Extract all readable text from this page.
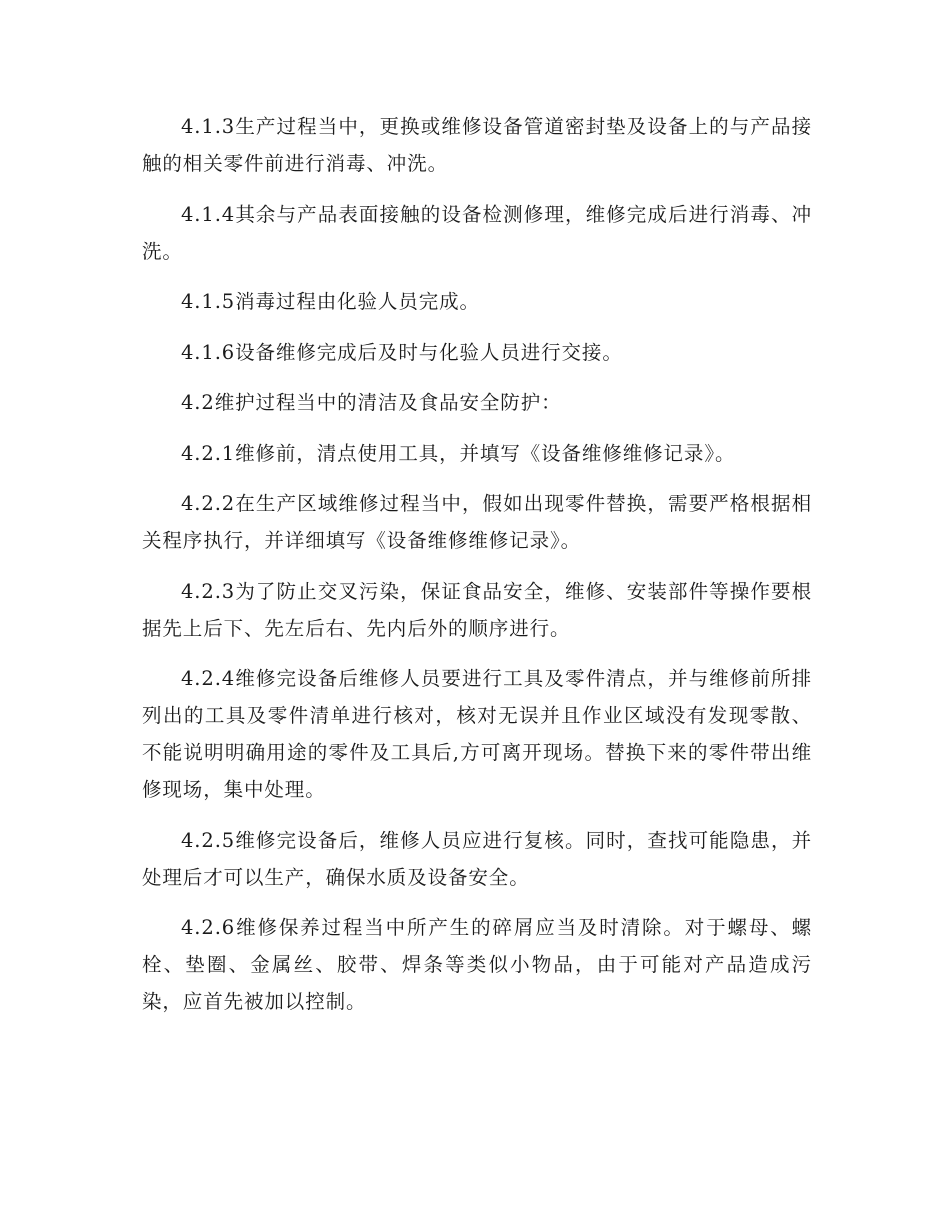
4.1.3生产过程当中，更换或维修设备管道密封垫及设备上的与产品接触的相关零件前进行消毒、冲洗。

4.1.4其余与产品表面接触的设备检测修理，维修完成后进行消毒、冲洗。

4.1.5消毒过程由化验人员完成。

4.1.6设备维修完成后及时与化验人员进行交接。

4.2维护过程当中的清洁及食品安全防护：

4.2.1维修前，清点使用工具，并填写《设备维修维修记录》。

4.2.2在生产区域维修过程当中，假如出现零件替换，需要严格根据相关程序执行，并详细填写《设备维修维修记录》。

4.2.3为了防止交叉污染，保证食品安全，维修、安装部件等操作要根据先上后下、先左后右、先内后外的顺序进行。

4.2.4维修完设备后维修人员要进行工具及零件清点，并与维修前所排列出的工具及零件清单进行核对，核对无误并且作业区域没有发现零散、不能说明明确用途的零件及工具后,方可离开现场。替换下来的零件带出维修现场，集中处理。

4.2.5维修完设备后，维修人员应进行复核。同时，查找可能隐患，并处理后才可以生产，确保水质及设备安全。

4.2.6维修保养过程当中所产生的碎屑应当及时清除。对于螺母、螺栓、垫圈、金属丝、胶带、焊条等类似小物品，由于可能对产品造成污染，应首先被加以控制。
